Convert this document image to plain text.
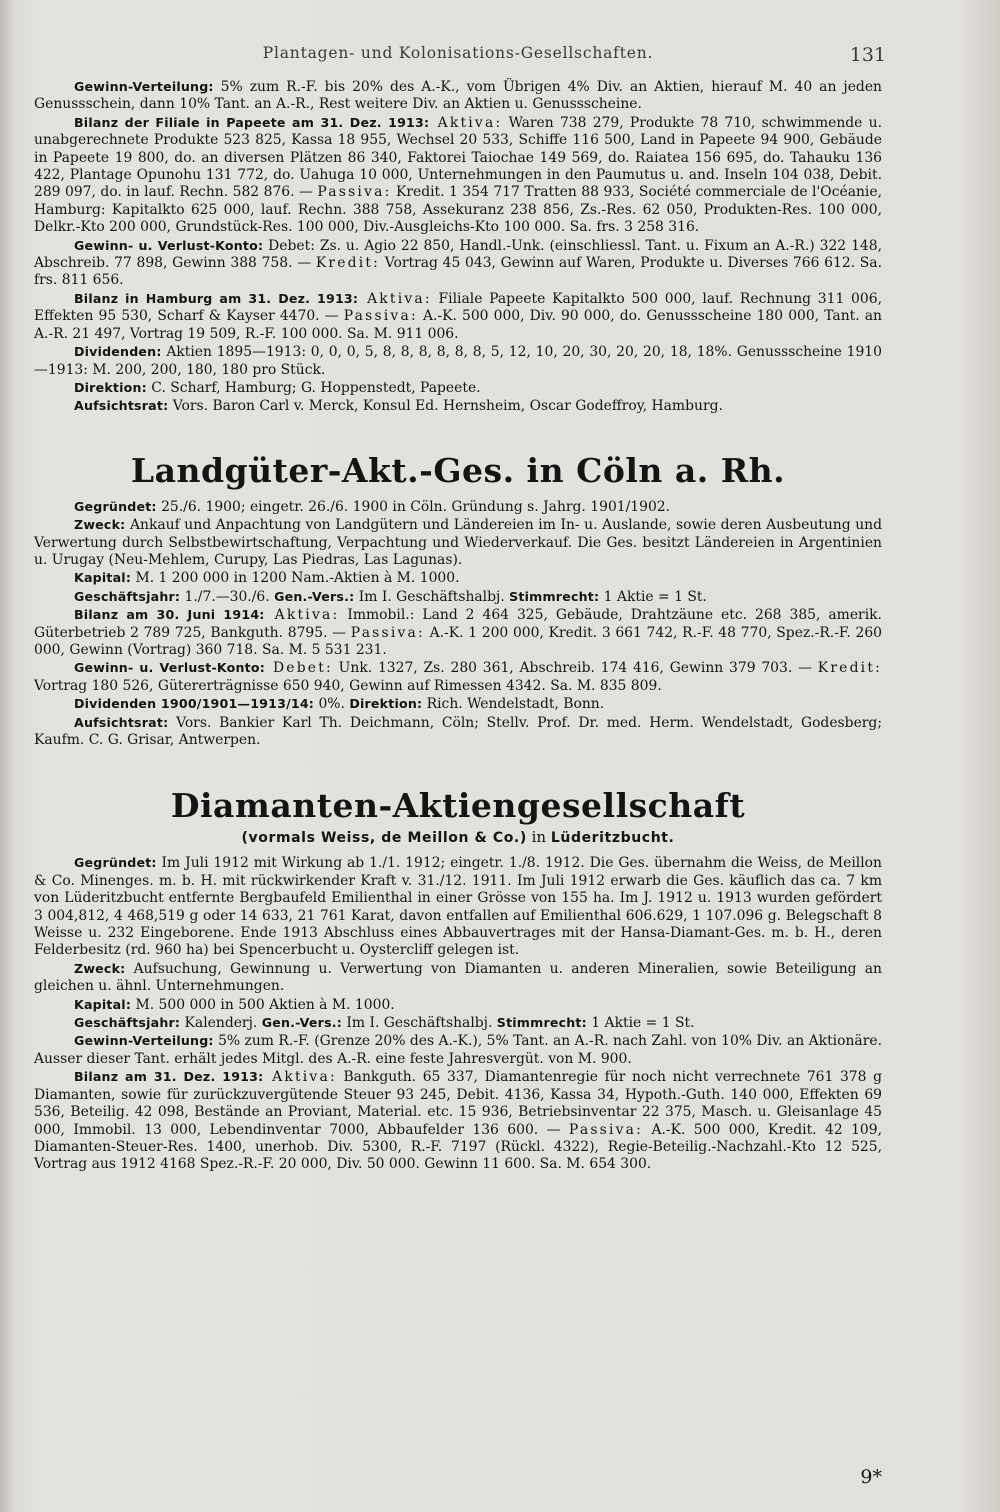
Plantagen- und Kolonisations-Gesellschaften.	131

Gewinn-Verteilung: 5% zum R.-F. bis 20% des A.-K., vom Übrigen 4% Div. an Aktien, hierauf M. 40 an jeden Genussschein, dann 10% Tant. an A.-R., Rest weitere Div. an Aktien u. Genussscheine.

Bilanz der Filiale in Papeete am 31. Dez. 1913: Aktiva: Waren 738 279, Produkte 78 710, schwimmende u. unabgerechnete Produkte 523 825, Kassa 18 955, Wechsel 20 533, Schiffe 116 500, Land in Papeete 94 900, Gebäude in Papeete 19 800, do. an diversen Plätzen 86 340, Faktorei Taiochae 149 569, do. Raiatea 156 695, do. Tahauku 136 422, Plantage Opunohu 131 772, do. Uahuga 10 000, Unternehmungen in den Paumutus u. and. Inseln 104 038, Debit. 289 097, do. in lauf. Rechn. 582 876. — Passiva: Kredit. 1 354 717 Tratten 88 933, Société commerciale de l'Océanie, Hamburg: Kapitalkto 625 000, lauf. Rechn. 388 758, Assekuranz 238 856, Zs.-Res. 62 050, Produkten-Res. 100 000, Delkr.-Kto 200 000, Grundstück-Res. 100 000, Div.-Ausgleichs-Kto 100 000. Sa. frs. 3 258 316.

Gewinn- u. Verlust-Konto: Debet: Zs. u. Agio 22 850, Handl.-Unk. (einschliessl. Tant. u. Fixum an A.-R.) 322 148, Abschreib. 77 898, Gewinn 388 758. — Kredit: Vortrag 45 043, Gewinn auf Waren, Produkte u. Diverses 766 612. Sa. frs. 811 656.

Bilanz in Hamburg am 31. Dez. 1913: Aktiva: Filiale Papeete Kapitalkto 500 000, lauf. Rechnung 311 006, Effekten 95 530, Scharf & Kayser 4470. — Passiva: A.-K. 500 000, Div. 90 000, do. Genussscheine 180 000, Tant. an A.-R. 21 497, Vortrag 19 509, R.-F. 100 000. Sa. M. 911 006.

Dividenden: Aktien 1895—1913: 0, 0, 0, 5, 8, 8, 8, 8, 8, 8, 5, 12, 10, 20, 30, 20, 20, 18, 18%. Genussscheine 1910—1913: M. 200, 200, 180, 180 pro Stück.

Direktion: C. Scharf, Hamburg; G. Hoppenstedt, Papeete.

Aufsichtsrat: Vors. Baron Carl v. Merck, Konsul Ed. Hernsheim, Oscar Godeffroy, Hamburg.

Landgüter-Akt.-Ges. in Cöln a. Rh.

Gegründet: 25./6. 1900; eingetr. 26./6. 1900 in Cöln. Gründung s. Jahrg. 1901/1902.

Zweck: Ankauf und Anpachtung von Landgütern und Ländereien im In- u. Auslande, sowie deren Ausbeutung und Verwertung durch Selbstbewirtschaftung, Verpachtung und Wiederverkauf. Die Ges. besitzt Ländereien in Argentinien u. Urugay (Neu-Mehlem, Curupy, Las Piedras, Las Lagunas).

Kapital: M. 1 200 000 in 1200 Nam.-Aktien à M. 1000.

Geschäftsjahr: 1./7.—30./6. Gen.-Vers.: Im I. Geschäftshalbj. Stimmrecht: 1 Aktie = 1 St.

Bilanz am 30. Juni 1914: Aktiva: Immobil.: Land 2 464 325, Gebäude, Drahtzäune etc. 268 385, amerik. Güterbetrieb 2 789 725, Bankguth. 8795. — Passiva: A.-K. 1 200 000, Kredit. 3 661 742, R.-F. 48 770, Spez.-R.-F. 260 000, Gewinn (Vortrag) 360 718. Sa. M. 5 531 231.

Gewinn- u. Verlust-Konto: Debet: Unk. 1327, Zs. 280 361, Abschreib. 174 416, Gewinn 379 703. — Kredit: Vortrag 180 526, Gütererträgnisse 650 940, Gewinn auf Rimessen 4342. Sa. M. 835 809.

Dividenden 1900/1901—1913/14: 0%. Direktion: Rich. Wendelstadt, Bonn.

Aufsichtsrat: Vors. Bankier Karl Th. Deichmann, Cöln; Stellv. Prof. Dr. med. Herm. Wendelstadt, Godesberg; Kaufm. C. G. Grisar, Antwerpen.

Diamanten-Aktiengesellschaft

(vormals Weiss, de Meillon & Co.) in Lüderitzbucht.

Gegründet: Im Juli 1912 mit Wirkung ab 1./1. 1912; eingetr. 1./8. 1912. Die Ges. übernahm die Weiss, de Meillon & Co. Minenges. m. b. H. mit rückwirkender Kraft v. 31./12. 1911. Im Juli 1912 erwarb die Ges. käuflich das ca. 7 km von Lüderitzbucht entfernte Bergbaufeld Emilienthal in einer Grösse von 155 ha. Im J. 1912 u. 1913 wurden gefördert 3 004,812, 4 468,519 g oder 14 633, 21 761 Karat, davon entfallen auf Emilienthal 606.629, 1 107.096 g. Belegschaft 8 Weisse u. 232 Eingeborene. Ende 1913 Abschluss eines Abbauvertrages mit der Hansa-Diamant-Ges. m. b. H., deren Felderbesitz (rd. 960 ha) bei Spencerbucht u. Oystercliff gelegen ist.

Zweck: Aufsuchung, Gewinnung u. Verwertung von Diamanten u. anderen Mineralien, sowie Beteiligung an gleichen u. ähnl. Unternehmungen.

Kapital: M. 500 000 in 500 Aktien à M. 1000.

Geschäftsjahr: Kalenderj. Gen.-Vers.: Im I. Geschäftshalbj. Stimmrecht: 1 Aktie = 1 St.

Gewinn-Verteilung: 5% zum R.-F. (Grenze 20% des A.-K.), 5% Tant. an A.-R. nach Zahl. von 10% Div. an Aktionäre. Ausser dieser Tant. erhält jedes Mitgl. des A.-R. eine feste Jahresvergüt. von M. 900.

Bilanz am 31. Dez. 1913: Aktiva: Bankguth. 65 337, Diamantenregie für noch nicht verrechnete 761 378 g Diamanten, sowie für zurückzuvergütende Steuer 93 245, Debit. 4136, Kassa 34, Hypoth.-Guth. 140 000, Effekten 69 536, Beteilig. 42 098, Bestände an Proviant, Material. etc. 15 936, Betriebsinventar 22 375, Masch. u. Gleisanlage 45 000, Immobil. 13 000, Lebendinventar 7000, Abbaufelder 136 600. — Passiva: A.-K. 500 000, Kredit. 42 109, Diamanten-Steuer-Res. 1400, unerhob. Div. 5300, R.-F. 7197 (Rückl. 4322), Regie-Beteilig.-Nachzahl.-Kto 12 525, Vortrag aus 1912 4168 Spez.-R.-F. 20 000, Div. 50 000. Gewinn 11 600. Sa. M. 654 300.

9*
